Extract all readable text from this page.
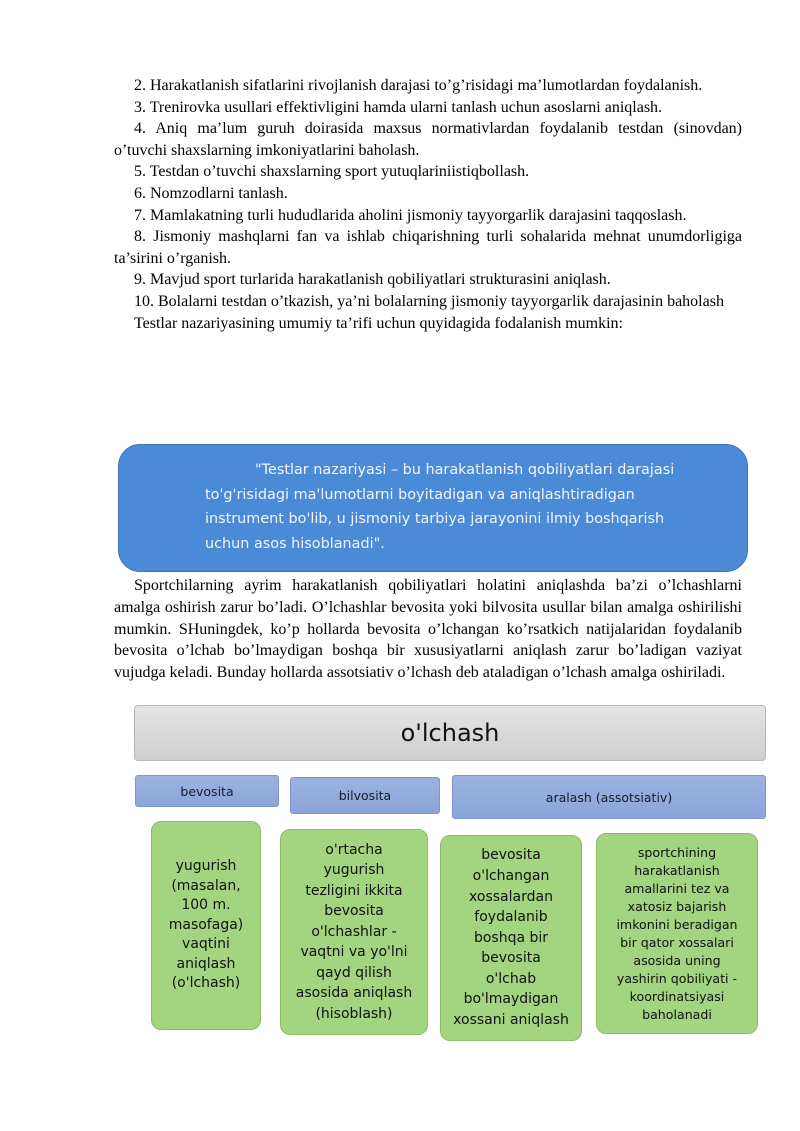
2. Harakatlanish sifatlarini rivojlanish darajasi to’g’risidagi ma’lumotlardan foydalanish.

3. Trenirovka usullari effektivligini hamda ularni tanlash uchun asoslarni aniqlash.

4. Aniq ma’lum guruh doirasida maxsus normativlardan foydalanib testdan (sinovdan) o’tuvchi shaxslarning imkoniyatlarini baholash.

5. Testdan o’tuvchi shaxslarning sport yutuqlariniistiqbollash.

6. Nomzodlarni tanlash.

7. Mamlakatning turli hududlarida aholini jismoniy tayyorgarlik darajasini taqqoslash.

8. Jismoniy mashqlarni fan va ishlab chiqarishning turli sohalarida mehnat unumdorligiga ta’sirini o’rganish.

9. Mavjud sport turlarida harakatlanish qobiliyatlari strukturasini aniqlash.

10. Bolalarni testdan o’tkazish, ya’ni bolalarning jismoniy tayyorgarlik darajasinin baholash

Testlar nazariyasining umumiy ta’rifi uchun quyidagida fodalanish mumkin:

"Testlar nazariyasi – bu harakatlanish qobiliyatlari darajasi to'g'risidagi ma'lumotlarni boyitadigan va aniqlashtiradigan instrument bo'lib, u jismoniy tarbiya jarayonini ilmiy boshqarish uchun asos hisoblanadi".

Sportchilarning ayrim harakatlanish qobiliyatlari holatini aniqlashda ba’zi o’lchashlarni amalga oshirish zarur bo’ladi. O’lchashlar bevosita yoki bilvosita usullar bilan amalga oshirilishi mumkin. SHuningdek, ko’p hollarda bevosita o’lchangan ko’rsatkich natijalaridan foydalanib bevosita o’lchab bo’lmaydigan boshqa bir xususiyatlarni aniqlash zarur bo’ladigan vaziyat vujudga keladi. Bunday hollarda assotsiativ o’lchash deb ataladigan o’lchash amalga oshiriladi.

o'lchash
bevosita	bilvosita	aralash (assotsiativ)
yugurish
(masalan,
100 m.
masofaga)
vaqtini
aniqlash
(o'lchash)
o'rtacha
yugurish
tezligini ikkita
bevosita
o'lchashlar -
vaqtni va yo'lni
qayd qilish
asosida aniqlash
(hisoblash)
bevosita
o'lchangan
xossalardan
foydalanib
boshqa bir
bevosita
o'lchab
bo'lmaydigan
xossani aniqlash
sportchining
harakatlanish
amallarini tez va
xatosiz bajarish
imkonini beradigan
bir qator xossalari
asosida uning
yashirin qobiliyati -
koordinatsiyasi
baholanadi
